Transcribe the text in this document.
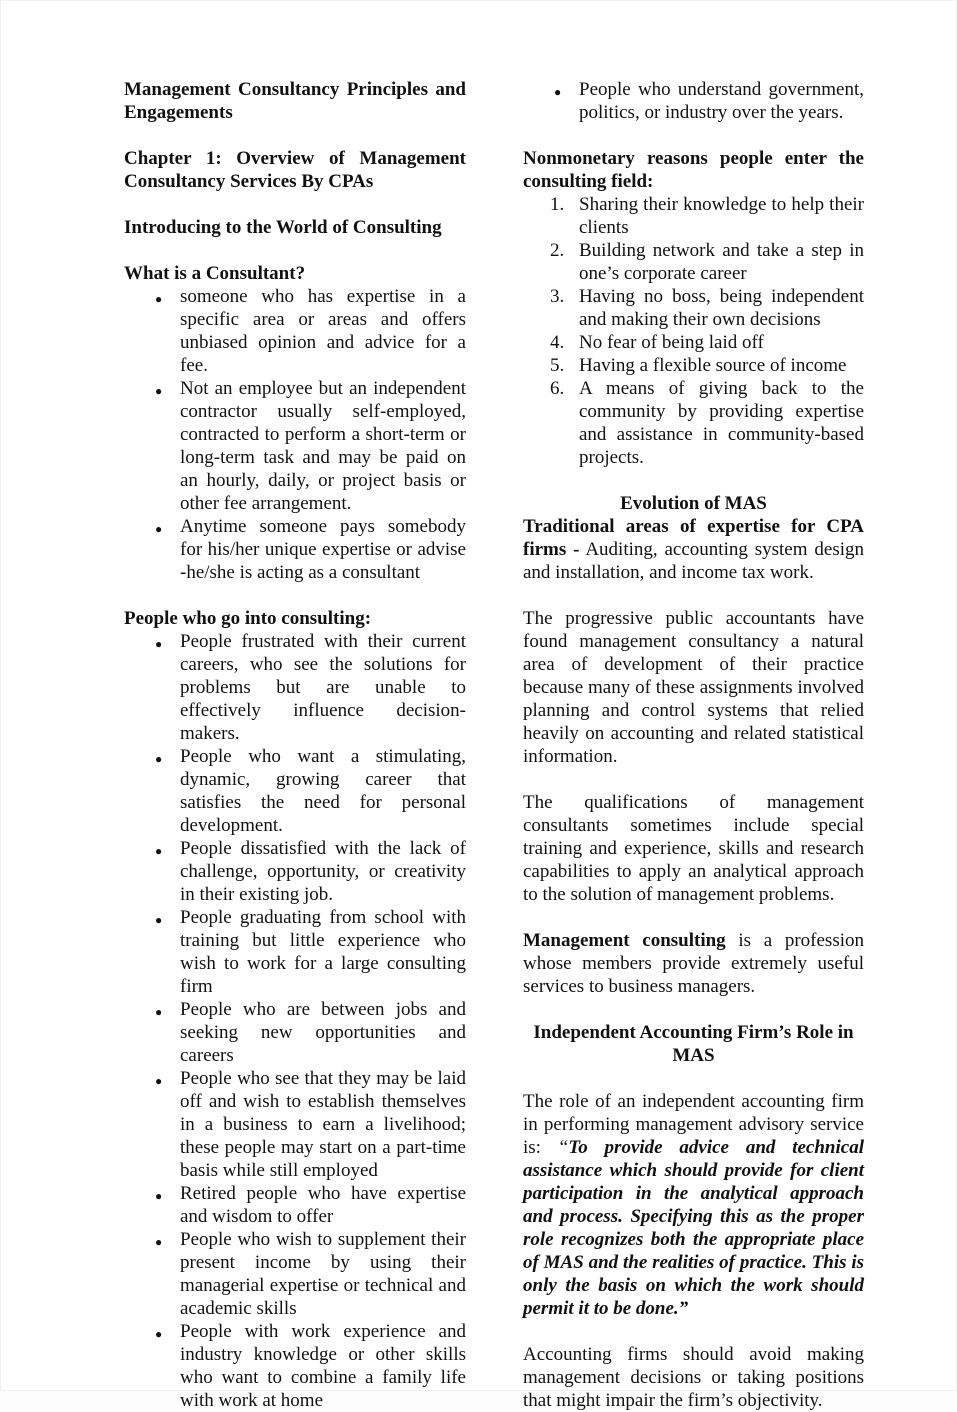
Management Consultancy Principles and Engagements

Chapter 1: Overview of Management Consultancy Services By CPAs

Introducing to the World of Consulting

What is a Consultant?

● someone who has expertise in a specific area or areas and offers unbiased opinion and advice for a fee.
● Not an employee but an independent contractor usually self-employed, contracted to perform a short-term or long-term task and may be paid on an hourly, daily, or project basis or other fee arrangement.
● Anytime someone pays somebody for his/her unique expertise or advise -he/she is acting as a consultant

People who go into consulting:

● People frustrated with their current careers, who see the solutions for problems but are unable to effectively influence decision-makers.
● People who want a stimulating, dynamic, growing career that satisfies the need for personal development.
● People dissatisfied with the lack of challenge, opportunity, or creativity in their existing job.
● People graduating from school with training but little experience who wish to work for a large consulting firm
● People who are between jobs and seeking new opportunities and careers
● People who see that they may be laid off and wish to establish themselves in a business to earn a livelihood; these people may start on a part-time basis while still employed
● Retired people who have expertise and wisdom to offer
● People who wish to supplement their present income by using their managerial expertise or technical and academic skills
● People with work experience and industry knowledge or other skills who want to combine a family life with work at home
● People who understand government, politics, or industry over the years.

Nonmonetary reasons people enter the consulting field:

Sharing their knowledge to help their clients
Building network and take a step in one’s corporate career
Having no boss, being independent and making their own decisions
No fear of being laid off
Having a flexible source of income
A means of giving back to the community by providing expertise and assistance in community-based projects.

Evolution of MAS

Traditional areas of expertise for CPA firms - Auditing, accounting system design and installation, and income tax work.

The progressive public accountants have found management consultancy a natural area of development of their practice because many of these assignments involved planning and control systems that relied heavily on accounting and related statistical information.

The qualifications of management consultants sometimes include special training and experience, skills and research capabilities to apply an analytical approach to the solution of management problems.

Management consulting is a profession whose members provide extremely useful services to business managers.

Independent Accounting Firm’s Role in MAS

The role of an independent accounting firm in performing management advisory service is: “To provide advice and technical assistance which should provide for client participation in the analytical approach and process. Specifying this as the proper role recognizes both the appropriate place of MAS and the realities of practice. This is only the basis on which the work should permit it to be done.”

Accounting firms should avoid making management decisions or taking positions that might impair the firm’s objectivity.
